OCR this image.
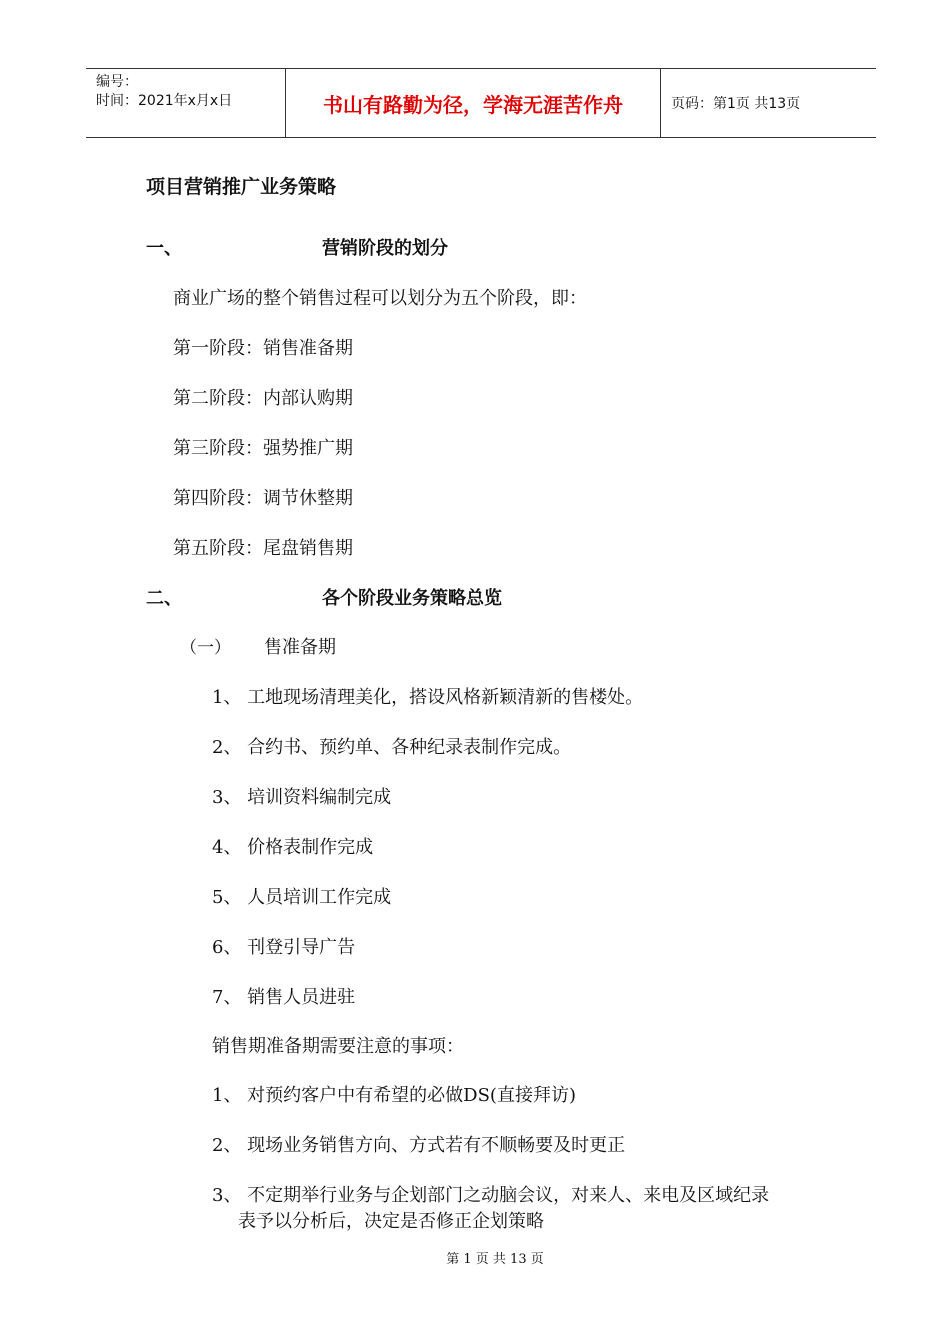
编号：
时间：2021年x月x日	书山有路勤为径，学海无涯苦作舟	页码：第1页 共13页
项目营销推广业务策略
一、	营销阶段的划分
商业广场的整个销售过程可以划分为五个阶段，即：
第一阶段：销售准备期
第二阶段：内部认购期
第三阶段：强势推广期
第四阶段：调节休整期
第五阶段：尾盘销售期
二、	各个阶段业务策略总览
（一） 售准备期
1、 工地现场清理美化，搭设风格新颖清新的售楼处。
2、 合约书、预约单、各种纪录表制作完成。
3、 培训资料编制完成
4、 价格表制作完成
5、 人员培训工作完成
6、 刊登引导广告
7、 销售人员进驻
销售期准备期需要注意的事项：
1、 对预约客户中有希望的必做DS(直接拜访)
2、 现场业务销售方向、方式若有不顺畅要及时更正
3、 不定期举行业务与企划部门之动脑会议，对来人、来电及区域纪录
表予以分析后，决定是否修正企划策略
第 1 页 共 13 页
